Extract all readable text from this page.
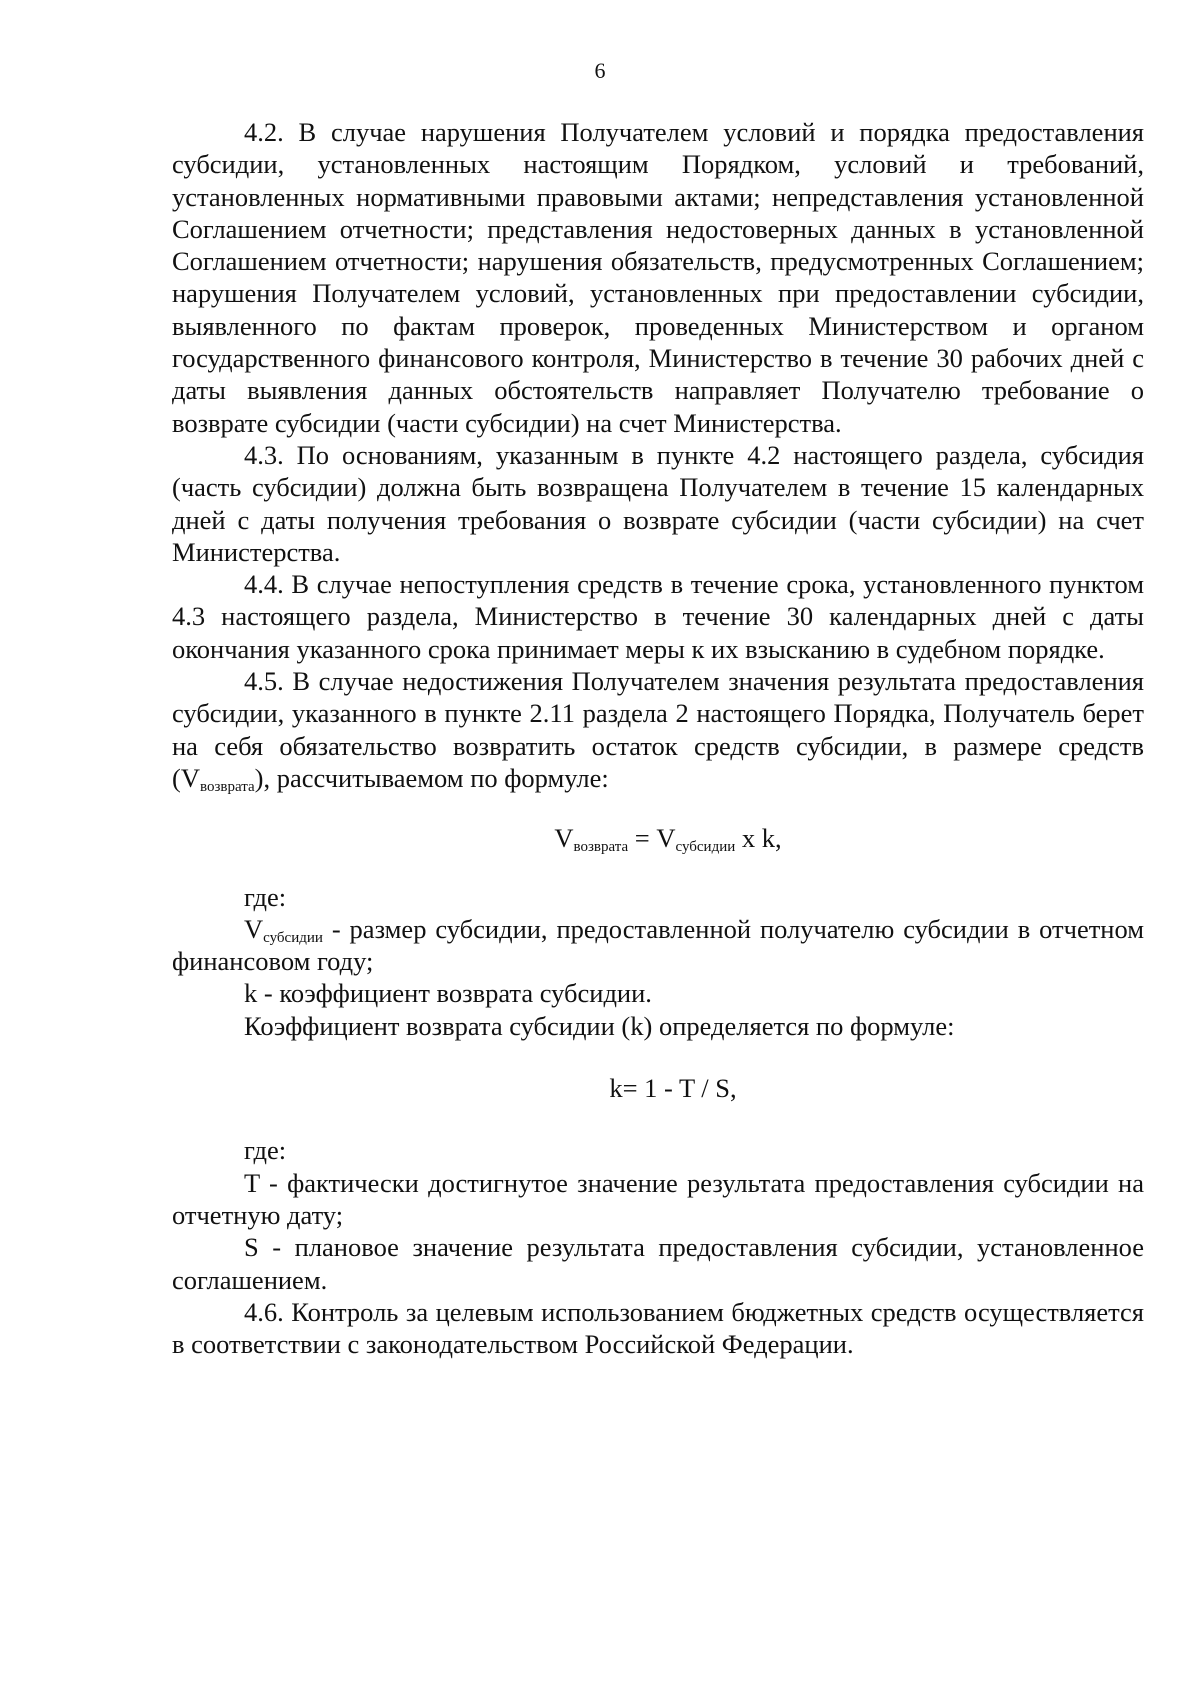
6

4.2. В случае нарушения Получателем условий и порядка предоставления субсидии, установленных настоящим Порядком, условий и требований, установленных нормативными правовыми актами; непредставления установленной Соглашением отчетности; представления недостоверных данных в установленной Соглашением отчетности; нарушения обязательств, предусмотренных Соглашением; нарушения Получателем условий, установленных при предоставлении субсидии, выявленного по фактам проверок, проведенных Министерством и органом государственного финансового контроля, Министерство в течение 30 рабочих дней с даты выявления данных обстоятельств направляет Получателю требование о возврате субсидии (части субсидии) на счет Министерства.

4.3. По основаниям, указанным в пункте 4.2 настоящего раздела, субсидия (часть субсидии) должна быть возвращена Получателем в течение 15 календарных дней с даты получения требования о возврате субсидии (части субсидии) на счет Министерства.

4.4. В случае непоступления средств в течение срока, установленного пунктом 4.3 настоящего раздела, Министерство в течение 30 календарных дней с даты окончания указанного срока принимает меры к их взысканию в судебном порядке.

4.5. В случае недостижения Получателем значения результата предоставления субсидии, указанного в пункте 2.11 раздела 2 настоящего Порядка, Получатель берет на себя обязательство возвратить остаток средств субсидии, в размере средств $(V_{возврата})$, рассчитываемом по формуле:

$V_{возврата} = V_{субсидии}$ x k,

где:

$V_{субсидии}$ - размер субсидии, предоставленной получателю субсидии в отчетном финансовом году;

k - коэффициент возврата субсидии.

Коэффициент возврата субсидии (k) определяется по формуле:

k= 1 - T / S,

где:

T - фактически достигнутое значение результата предоставления субсидии на отчетную дату;

S - плановое значение результата предоставления субсидии, установленное соглашением.

4.6. Контроль за целевым использованием бюджетных средств осуществляется в соответствии с законодательством Российской Федерации.
